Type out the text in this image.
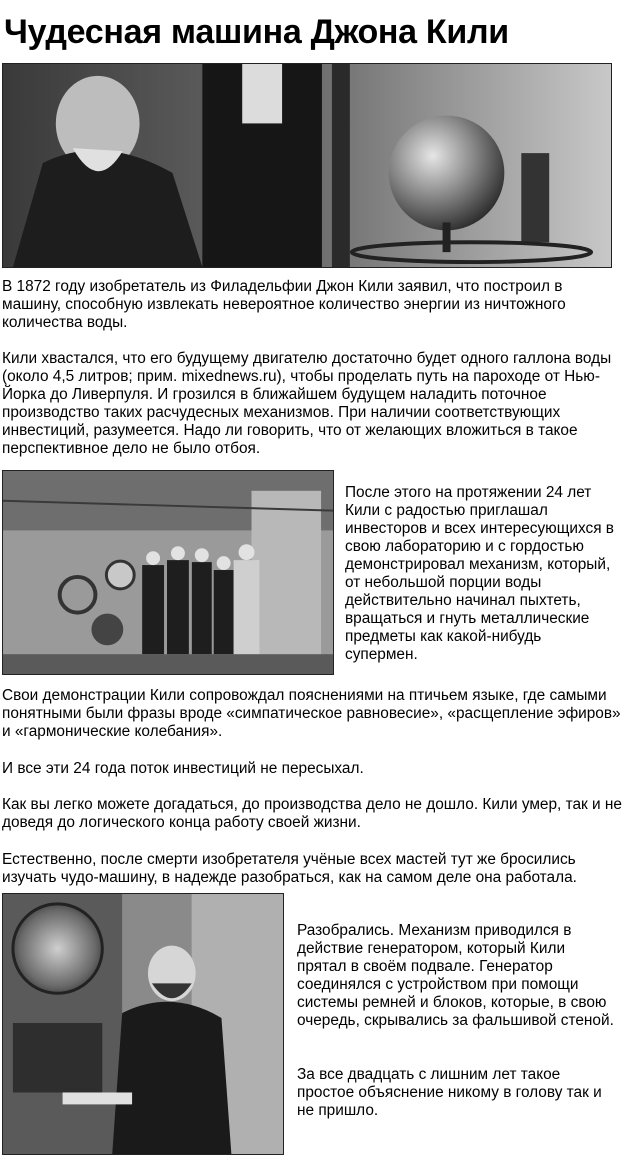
Чудесная машина Джона Кили

В 1872 году изобретатель из Филадельфии Джон Кили заявил, что построил в машину, способную извлекать невероятное количество энергии из ничтожного количества воды.

Кили хвастался, что его будущему двигателю достаточно будет одного галлона воды (около 4,5 литров; прим. mixednews.ru), чтобы проделать путь на пароходе от Нью-Йорка до Ливерпуля. И грозился в ближайшем будущем наладить поточное производство таких расчудесных механизмов. При наличии соответствующих инвестиций, разумеется. Надо ли говорить, что от желающих вложиться в такое перспективное дело не было отбоя.

После этого на протяжении 24 лет Кили с радостью приглашал инвесторов и всех интересующихся в свою лабораторию и с гордостью демонстрировал механизм, который, от небольшой порции воды действительно начинал пыхтеть, вращаться и гнуть металлические предметы как какой-нибудь супермен.

Свои демонстрации Кили сопровождал пояснениями на птичьем языке, где самыми понятными были фразы вроде «симпатическое равновесие», «расщепление эфиров» и «гармонические колебания».

И все эти 24 года поток инвестиций не пересыхал.

Как вы легко можете догадаться, до производства дело не дошло. Кили умер, так и не доведя до логического конца работу своей жизни.

Естественно, после смерти изобретателя учёные всех мастей тут же бросились изучать чудо-машину, в надежде разобраться, как на самом деле она работала.

Разобрались. Механизм приводился в действие генератором, который Кили прятал в своём подвале. Генератор соединялся с устройством при помощи системы ремней и блоков, которые, в свою очередь, скрывались за фальшивой стеной.

За все двадцать с лишним лет такое простое объяснение никому в голову так и не пришло.
